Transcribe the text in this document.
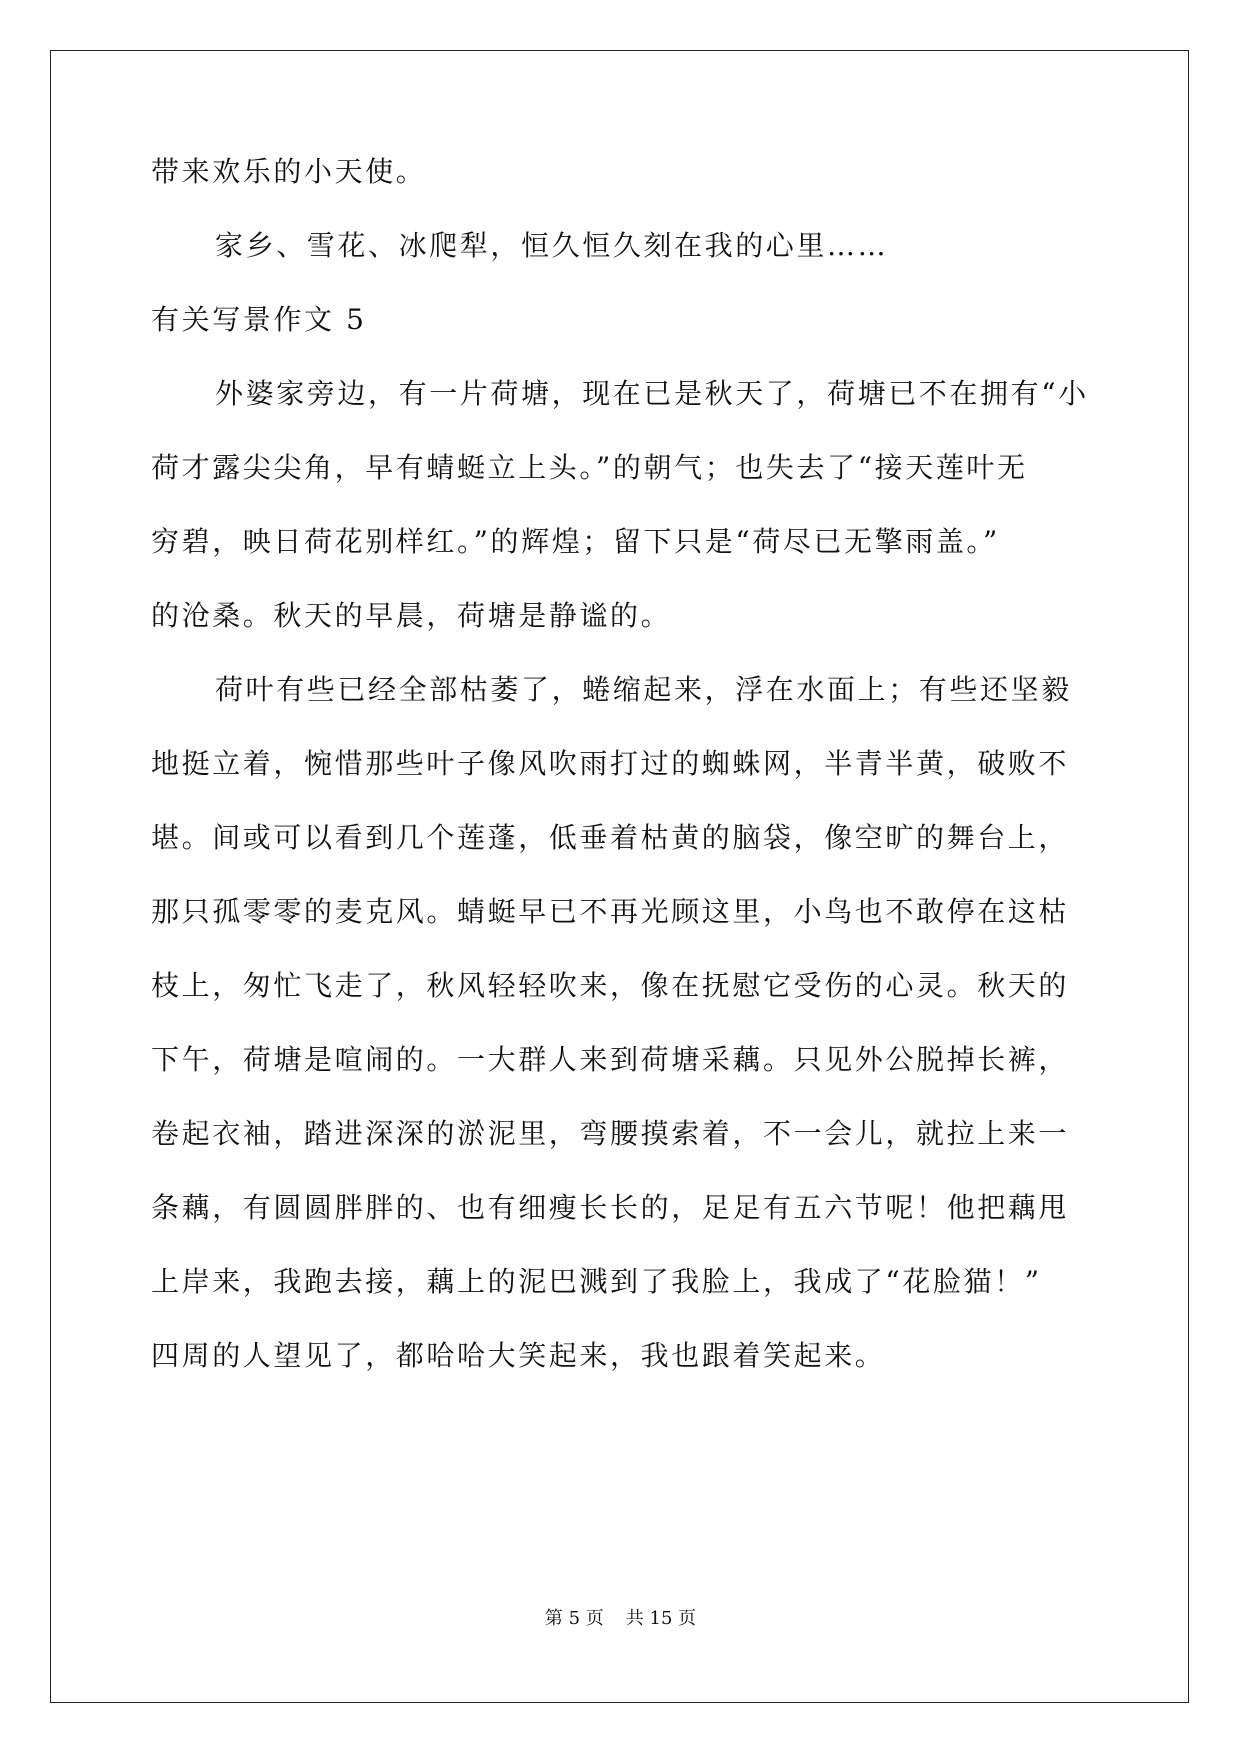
带来欢乐的小天使。
家乡、雪花、冰爬犁，恒久恒久刻在我的心里……
有关写景作文 5
外婆家旁边，有一片荷塘，现在已是秋天了，荷塘已不在拥有“小
荷才露尖尖角，早有蜻蜓立上头。”的朝气；也失去了“接天莲叶无
穷碧，映日荷花别样红。”的辉煌；留下只是“荷尽已无擎雨盖。”
的沧桑。秋天的早晨，荷塘是静谧的。
荷叶有些已经全部枯萎了，蜷缩起来，浮在水面上；有些还坚毅
地挺立着，惋惜那些叶子像风吹雨打过的蜘蛛网，半青半黄，破败不
堪。间或可以看到几个莲蓬，低垂着枯黄的脑袋，像空旷的舞台上，
那只孤零零的麦克风。蜻蜓早已不再光顾这里，小鸟也不敢停在这枯
枝上，匆忙飞走了，秋风轻轻吹来，像在抚慰它受伤的心灵。秋天的
下午，荷塘是喧闹的。一大群人来到荷塘采藕。只见外公脱掉长裤，
卷起衣袖，踏进深深的淤泥里，弯腰摸索着，不一会儿，就拉上来一
条藕，有圆圆胖胖的、也有细瘦长长的，足足有五六节呢！他把藕甩
上岸来，我跑去接，藕上的泥巴溅到了我脸上，我成了“花脸猫！”
四周的人望见了，都哈哈大笑起来，我也跟着笑起来。
第 5 页 共 15 页
